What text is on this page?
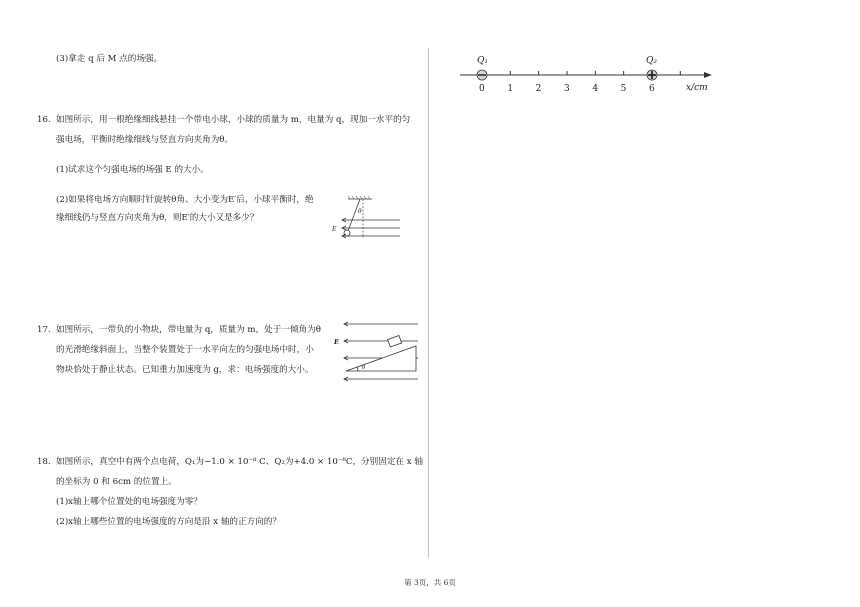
(3)拿走 q 后 M 点的场强。
16. 如图所示，用一根绝缘细线悬挂一个带电小球，小球的质量为 m，电量为 q，现加一水平的匀
强电场，平衡时绝缘细线与竖直方向夹角为θ。
(1)试求这个匀强电场的场强 E 的大小。
(2)如果将电场方向顺时针旋转θ角、大小变为E′后，小球平衡时，绝
缘细线仍与竖直方向夹角为θ，则E′的大小又是多少？
E
θ
17. 如图所示，一带负的小物块，带电量为 q，质量为 m，处于一倾角为θ
的光滑绝缘斜面上，当整个装置处于一水平向左的匀强电场中时，小
物块恰处于静止状态。已知重力加速度为 g，求：电场强度的大小。
E
θ
18. 如图所示，真空中有两个点电荷，Q₁为−1.0 × 10⁻⁸ C、Q₂为+4.0 × 10⁻⁸C，分别固定在 x 轴
的坐标为 0 和 6cm 的位置上。
(1)x轴上哪个位置处的电场强度为零？
(2)x轴上哪些位置的电场强度的方向是沿 x 轴的正方向的？
Q₁	Q₂
0	1	2	3	4	5	6	x/cm
第 3页，共 6页
